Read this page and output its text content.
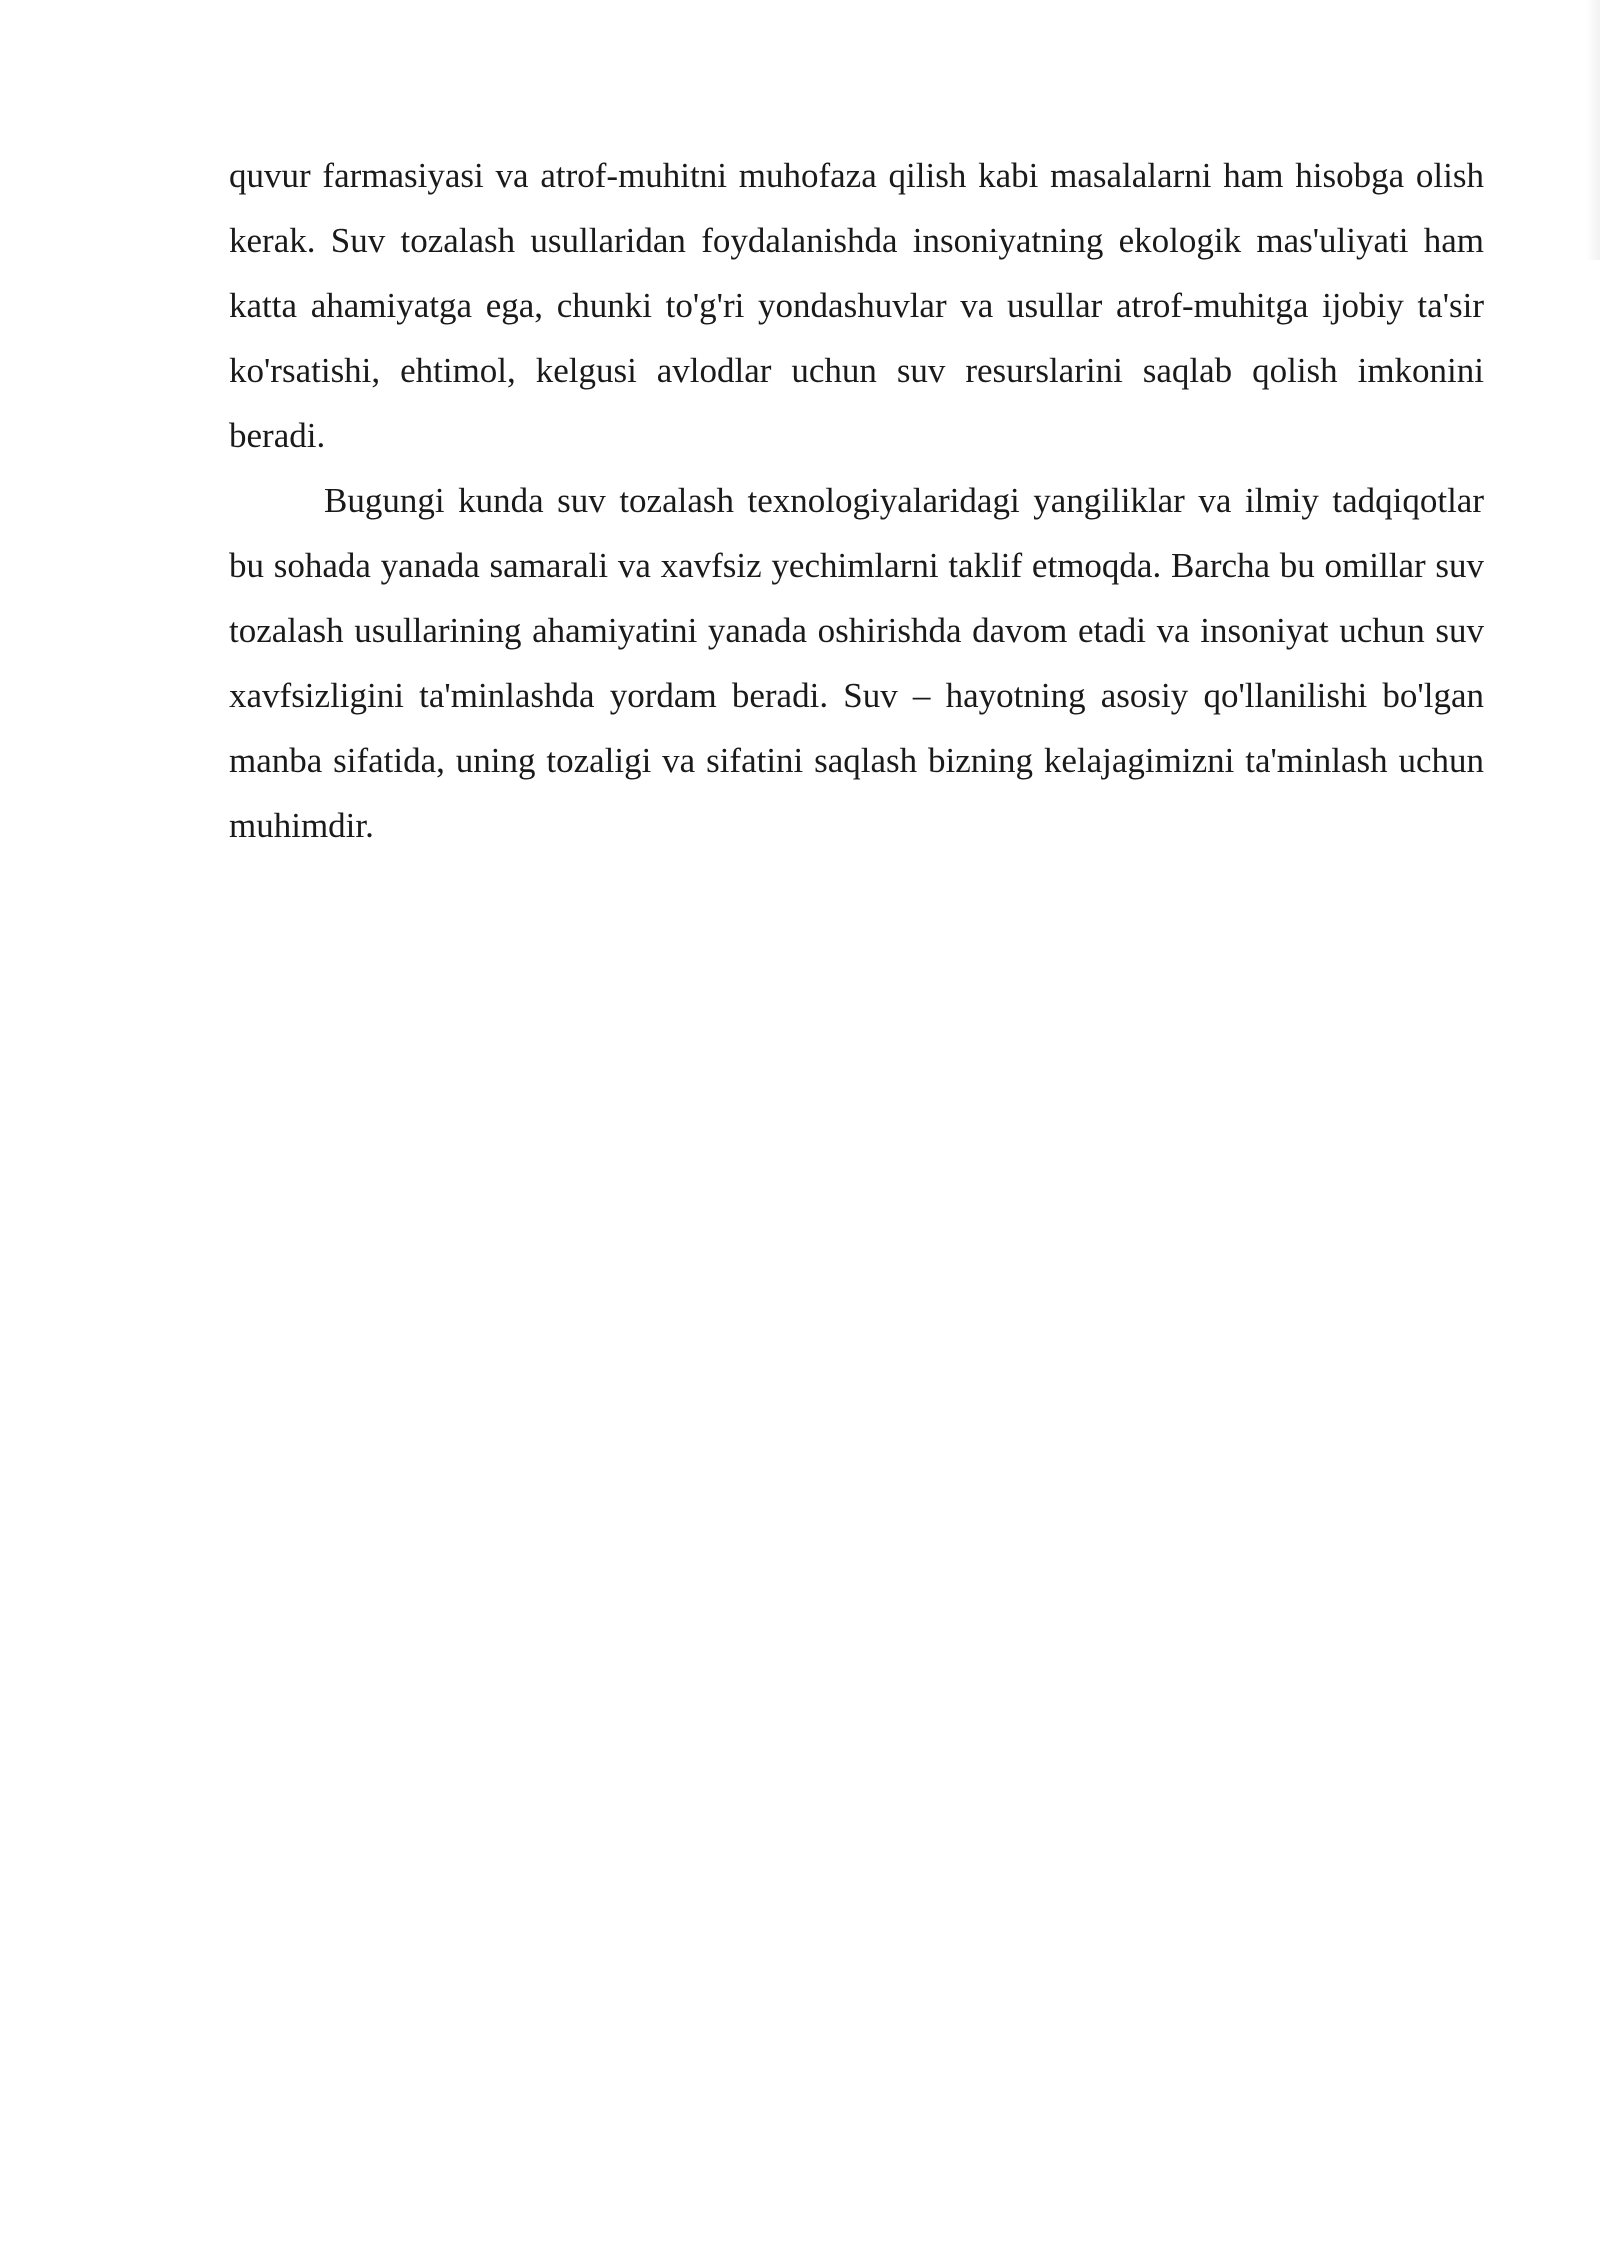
quvur farmasiyasi va atrof-muhitni muhofaza qilish kabi masalalarni ham hisobga olish kerak. Suv tozalash usullaridan foydalanishda insoniyatning ekologik mas'uliyati ham katta ahamiyatga ega, chunki to'g'ri yondashuvlar va usullar atrof-muhitga ijobiy ta'sir ko'rsatishi, ehtimol, kelgusi avlodlar uchun suv resurslarini saqlab qolish imkonini beradi.

Bugungi kunda suv tozalash texnologiyalaridagi yangiliklar va ilmiy tadqiqotlar bu sohada yanada samarali va xavfsiz yechimlarni taklif etmoqda. Barcha bu omillar suv tozalash usullarining ahamiyatini yanada oshirishda davom etadi va insoniyat uchun suv xavfsizligini ta'minlashda yordam beradi. Suv – hayotning asosiy qo'llanilishi bo'lgan manba sifatida, uning tozaligi va sifatini saqlash bizning kelajagimizni ta'minlash uchun muhimdir.
